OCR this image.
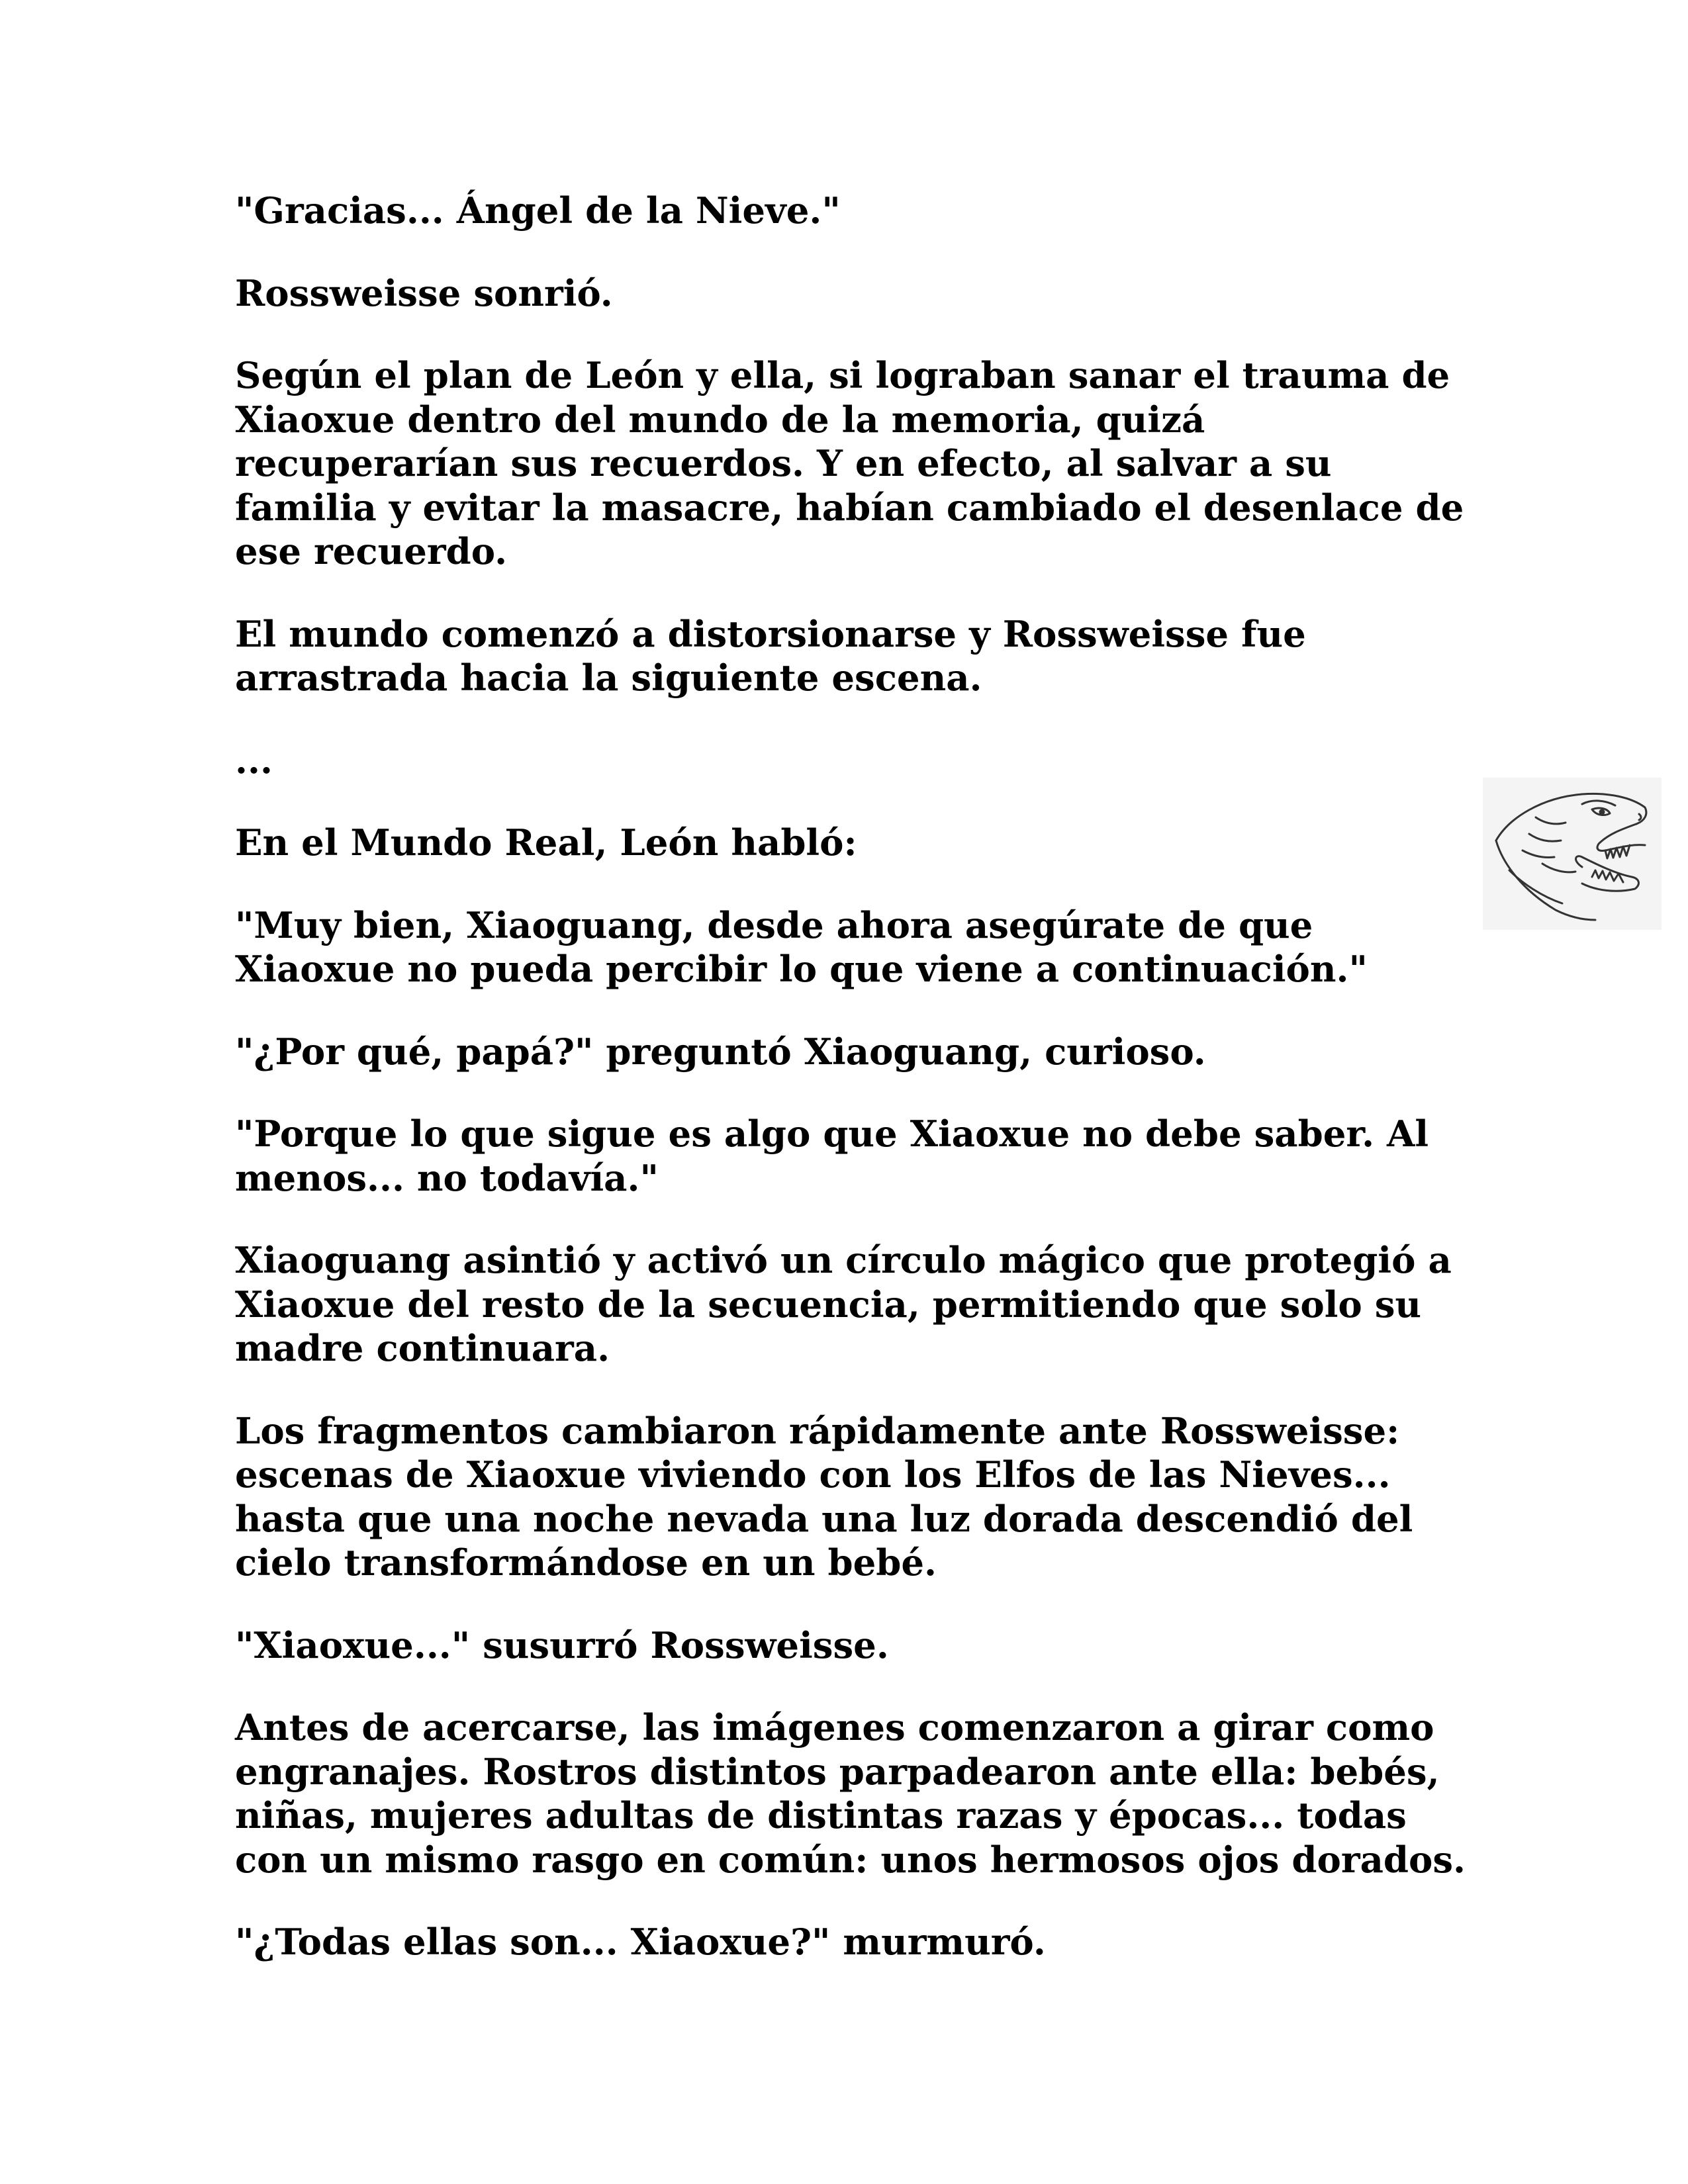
"Gracias... Ángel de la Nieve."

Rossweisse sonrió.

Según el plan de León y ella, si lograban sanar el trauma de Xiaoxue dentro del mundo de la memoria, quizá recuperarían sus recuerdos. Y en efecto, al salvar a su familia y evitar la masacre, habían cambiado el desenlace de ese recuerdo.

El mundo comenzó a distorsionarse y Rossweisse fue arrastrada hacia la siguiente escena.

...

En el Mundo Real, León habló:

"Muy bien, Xiaoguang, desde ahora asegúrate de que Xiaoxue no pueda percibir lo que viene a continuación."

"¿Por qué, papá?" preguntó Xiaoguang, curioso.

"Porque lo que sigue es algo que Xiaoxue no debe saber. Al menos... no todavía."

Xiaoguang asintió y activó un círculo mágico que protegió a Xiaoxue del resto de la secuencia, permitiendo que solo su madre continuara.

Los fragmentos cambiaron rápidamente ante Rossweisse: escenas de Xiaoxue viviendo con los Elfos de las Nieves... hasta que una noche nevada una luz dorada descendió del cielo transformándose en un bebé.

"Xiaoxue..." susurró Rossweisse.

Antes de acercarse, las imágenes comenzaron a girar como engranajes. Rostros distintos parpadearon ante ella: bebés, niñas, mujeres adultas de distintas razas y épocas... todas con un mismo rasgo en común: unos hermosos ojos dorados.

"¿Todas ellas son... Xiaoxue?" murmuró.
